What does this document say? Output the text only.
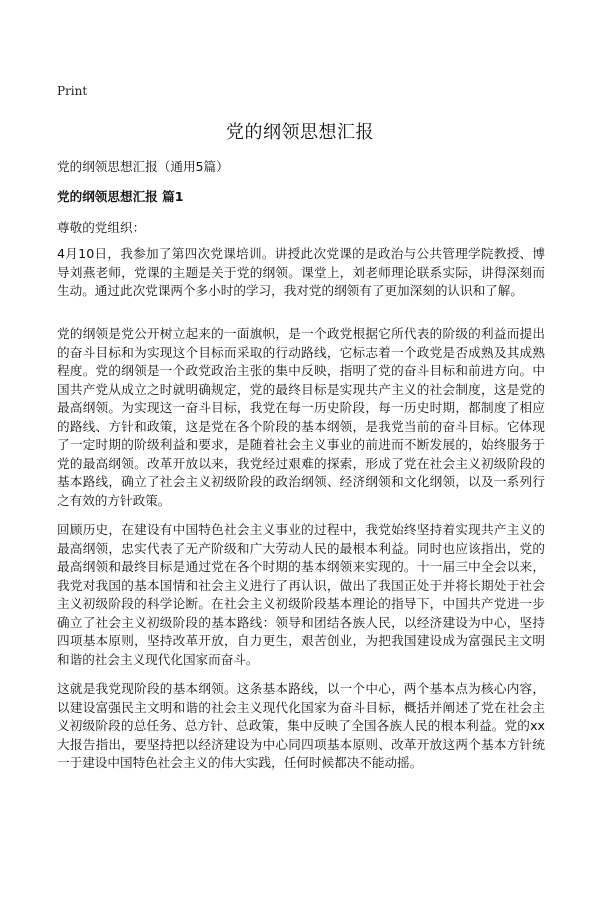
Print
党的纲领思想汇报
党的纲领思想汇报（通用5篇）
党的纲领思想汇报 篇1
尊敬的党组织：

4月10日，我参加了第四次党课培训。讲授此次党课的是政治与公共管理学院教授、博导刘燕老师，党课的主题是关于党的纲领。课堂上，刘老师理论联系实际，讲得深刻而生动。通过此次党课两个多小时的学习，我对党的纲领有了更加深刻的认识和了解。

党的纲领是党公开树立起来的一面旗帜，是一个政党根据它所代表的阶级的利益而提出的奋斗目标和为实现这个目标而采取的行动路线，它标志着一个政党是否成熟及其成熟程度。党的纲领是一个政党政治主张的集中反映，指明了党的奋斗目标和前进方向。中国共产党从成立之时就明确规定，党的最终目标是实现共产主义的社会制度，这是党的最高纲领。为实现这一奋斗目标，我党在每一历史阶段，每一历史时期，都制度了相应的路线、方针和政策，这是党在各个阶段的基本纲领，是我党当前的奋斗目标。它体现了一定时期的阶级利益和要求，是随着社会主义事业的前进而不断发展的，始终服务于党的最高纲领。改革开放以来，我党经过艰难的探索，形成了党在社会主义初级阶段的基本路线，确立了社会主义初级阶段的政治纲领、经济纲领和文化纲领，以及一系列行之有效的方针政策。

回顾历史，在建设有中国特色社会主义事业的过程中，我党始终坚持着实现共产主义的最高纲领，忠实代表了无产阶级和广大劳动人民的最根本利益。同时也应该指出，党的最高纲领和最终目标是通过党在各个时期的基本纲领来实现的。十一届三中全会以来，我党对我国的基本国情和社会主义进行了再认识，做出了我国正处于并将长期处于社会主义初级阶段的科学论断。在社会主义初级阶段基本理论的指导下，中国共产党进一步确立了社会主义初级阶段的基本路线：领导和团结各族人民，以经济建设为中心，坚持四项基本原则，坚持改革开放，自力更生，艰苦创业，为把我国建设成为富强民主文明和谐的社会主义现代化国家而奋斗。

这就是我党现阶段的基本纲领。这条基本路线，以一个中心，两个基本点为核心内容，以建设富强民主文明和谐的社会主义现代化国家为奋斗目标，概括并阐述了党在社会主义初级阶段的总任务、总方针、总政策，集中反映了全国各族人民的根本利益。党的xx大报告指出，要坚持把以经济建设为中心同四项基本原则、改革开放这两个基本方针统一于建设中国特色社会主义的伟大实践，任何时候都决不能动摇。
